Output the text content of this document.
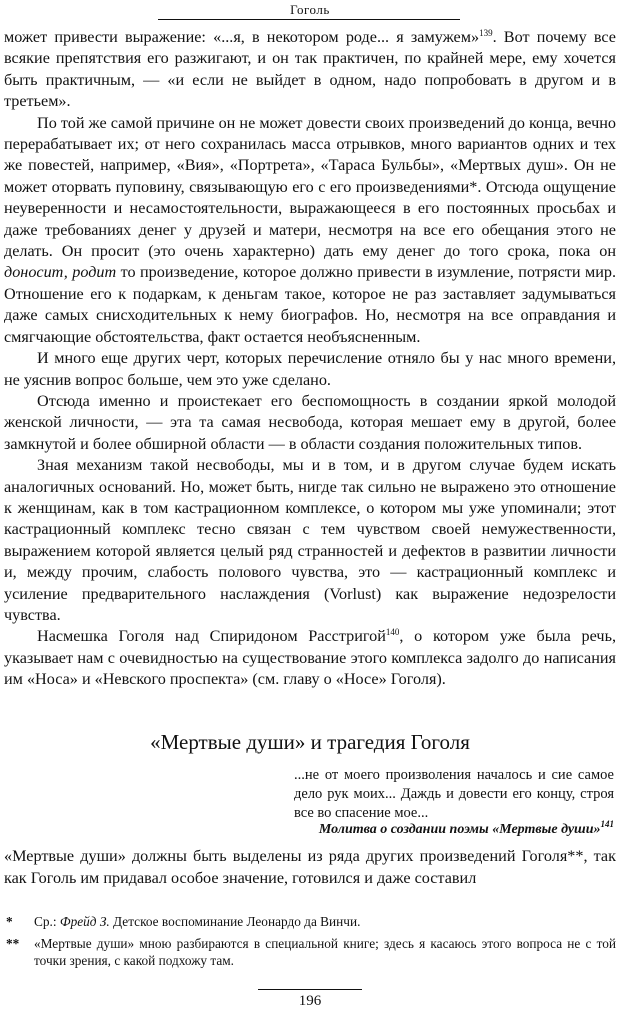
Гоголь

может привести выражение: «...я, в некотором роде... я замужем»$^{139}$. Вот почему все всякие препятствия его разжигают, и он так практичен, по крайней мере, ему хочется быть практичным, — «и если не выйдет в одном, надо попробовать в другом и в третьем».

По той же самой причине он не может довести своих произведений до конца, вечно перерабатывает их; от него сохранилась масса отрывков, много вариантов одних и тех же повестей, например, «Вия», «Портрета», «Тараса Бульбы», «Мертвых душ». Он не может оторвать пуповину, связывающую его с его произведениями*. Отсюда ощущение неуверенности и несамостоятельности, выражающееся в его постоянных просьбах и даже требованиях денег у друзей и матери, несмотря на все его обещания этого не делать. Он просит (это очень характерно) дать ему денег до того срока, пока он доносит, родит то произведение, которое должно привести в изумление, потрясти мир. Отношение его к подаркам, к деньгам такое, которое не раз заставляет задумываться даже самых снисходительных к нему биографов. Но, несмотря на все оправдания и смягчающие обстоятельства, факт остается необъясненным.

И много еще других черт, которых перечисление отняло бы у нас много времени, не уяснив вопрос больше, чем это уже сделано.

Отсюда именно и проистекает его беспомощность в создании яркой молодой женской личности, — эта та самая несвобода, которая мешает ему в другой, более замкнутой и более обширной области — в области создания положительных типов.

Зная механизм такой несвободы, мы и в том, и в другом случае будем искать аналогичных оснований. Но, может быть, нигде так сильно не выражено это отношение к женщинам, как в том кастрационном комплексе, о котором мы уже упоминали; этот кастрационный комплекс тесно связан с тем чувством своей немужественности, выражением которой является целый ряд странностей и дефектов в развитии личности и, между прочим, слабость полового чувства, это — кастрационный комплекс и усиление предварительного наслаждения (Vorlust) как выражение недозрелости чувства.

Насмешка Гоголя над Спиридоном Расстригой$^{140}$, о котором уже была речь, указывает нам с очевидностью на существование этого комплекса задолго до написания им «Носа» и «Невского проспекта» (см. главу о «Носе» Гоголя).

«Мертвые души» и трагедия Гоголя
...не от моего произволения началось и сие самое дело рук моих... Даждь и довести его концу, строя все во спасение мое...
Молитва о создании поэмы «Мертвые души»$^{141}$

«Мертвые души» должны быть выделены из ряда других произведений Гоголя**, так как Гоголь им придавал особое значение, готовился и даже составил

* Ср.: Фрейд З. Детское воспоминание Леонардо да Винчи.
** «Мертвые души» мною разбираются в специальной книге; здесь я касаюсь этого вопроса не с той точки зрения, с какой подхожу там.
196
